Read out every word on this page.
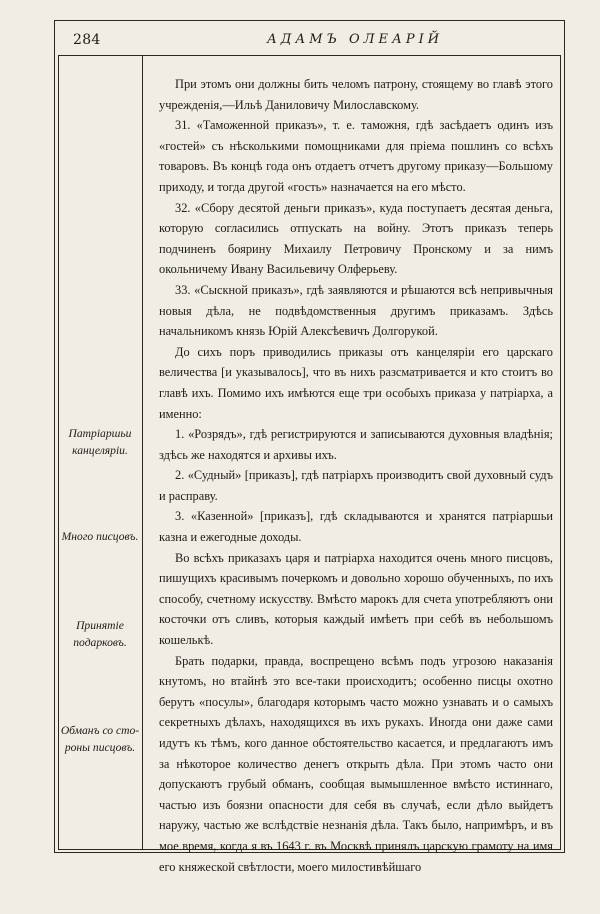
284	АДАМЪ ОЛЕАРІЙ
Патріаршьи
канцеляріи.
Много писцовъ.
Принятіе
подарковъ.
Обманъ со сто-
роны писцовъ.

При этомъ они должны бить челомъ патрону, стоящему во главѣ этого учрежденія,—Ильѣ Даниловичу Милославскому.

31. «Таможенной приказъ», т. е. таможня, гдѣ засѣдаетъ одинъ изъ «гостей» съ нѣсколькими помощниками для пріема пошлинъ со всѣхъ товаровъ. Въ концѣ года онъ отдаетъ отчетъ другому приказу—Большому приходу, и тогда другой «гость» назначается на его мѣсто.

32. «Сбору десятой деньги приказъ», куда поступаетъ десятая деньга, которую согласились отпускать на войну. Этотъ приказъ теперь подчиненъ боярину Михаилу Петровичу Пронскому и за нимъ окольничему Ивану Васильевичу Олферьеву.

33. «Сыскной приказъ», гдѣ заявляются и рѣшаются всѣ непривычныя новыя дѣла, не подвѣдомственныя другимъ приказамъ. Здѣсь начальникомъ князь Юрій Алексѣевичъ Долгорукой.

До сихъ поръ приводились приказы отъ канцеляріи его царскаго величества [и указывалось], что въ нихъ разсматривается и кто стоитъ во главѣ ихъ. Помимо ихъ имѣются еще три особыхъ приказа у патріарха, а именно:

1. «Розрядъ», гдѣ регистрируются и записываются духовныя владѣнія; здѣсь же находятся и архивы ихъ.

2. «Судный» [приказъ], гдѣ патріархъ производитъ свой духовный судъ и расправу.

3. «Казенной» [приказъ], гдѣ складываются и хранятся патріаршьи казна и ежегодные доходы.

Во всѣхъ приказахъ царя и патріарха находится очень много писцовъ, пишущихъ красивымъ почеркомъ и довольно хорошо обученныхъ, по ихъ способу, счетному искусству. Вмѣсто марокъ для счета употребляютъ они косточки отъ сливъ, которыя каждый имѣетъ при себѣ въ небольшомъ кошелькѣ.

Брать подарки, правда, воспрещено всѣмъ подъ угрозою наказанія кнутомъ, но втайнѣ это все-таки происходитъ; особенно писцы охотно берутъ «посулы», благодаря которымъ часто можно узнавать и о самыхъ секретныхъ дѣлахъ, находящихся въ ихъ рукахъ. Иногда они даже сами идутъ къ тѣмъ, кого данное обстоятельство касается, и предлагаютъ имъ за нѣкоторое количество денегъ открыть дѣла. При этомъ часто они допускаютъ грубый обманъ, сообщая вымышленное вмѣсто истиннаго, частью изъ боязни опасности для себя въ случаѣ, если дѣло выйдетъ наружу, частью же вслѣдствіе незнанія дѣла. Такъ было, напримѣръ, и въ мое время, когда я въ 1643 г. въ Москвѣ принялъ царскую грамоту на имя его княжеской свѣтлости, моего милостивѣйшаго
